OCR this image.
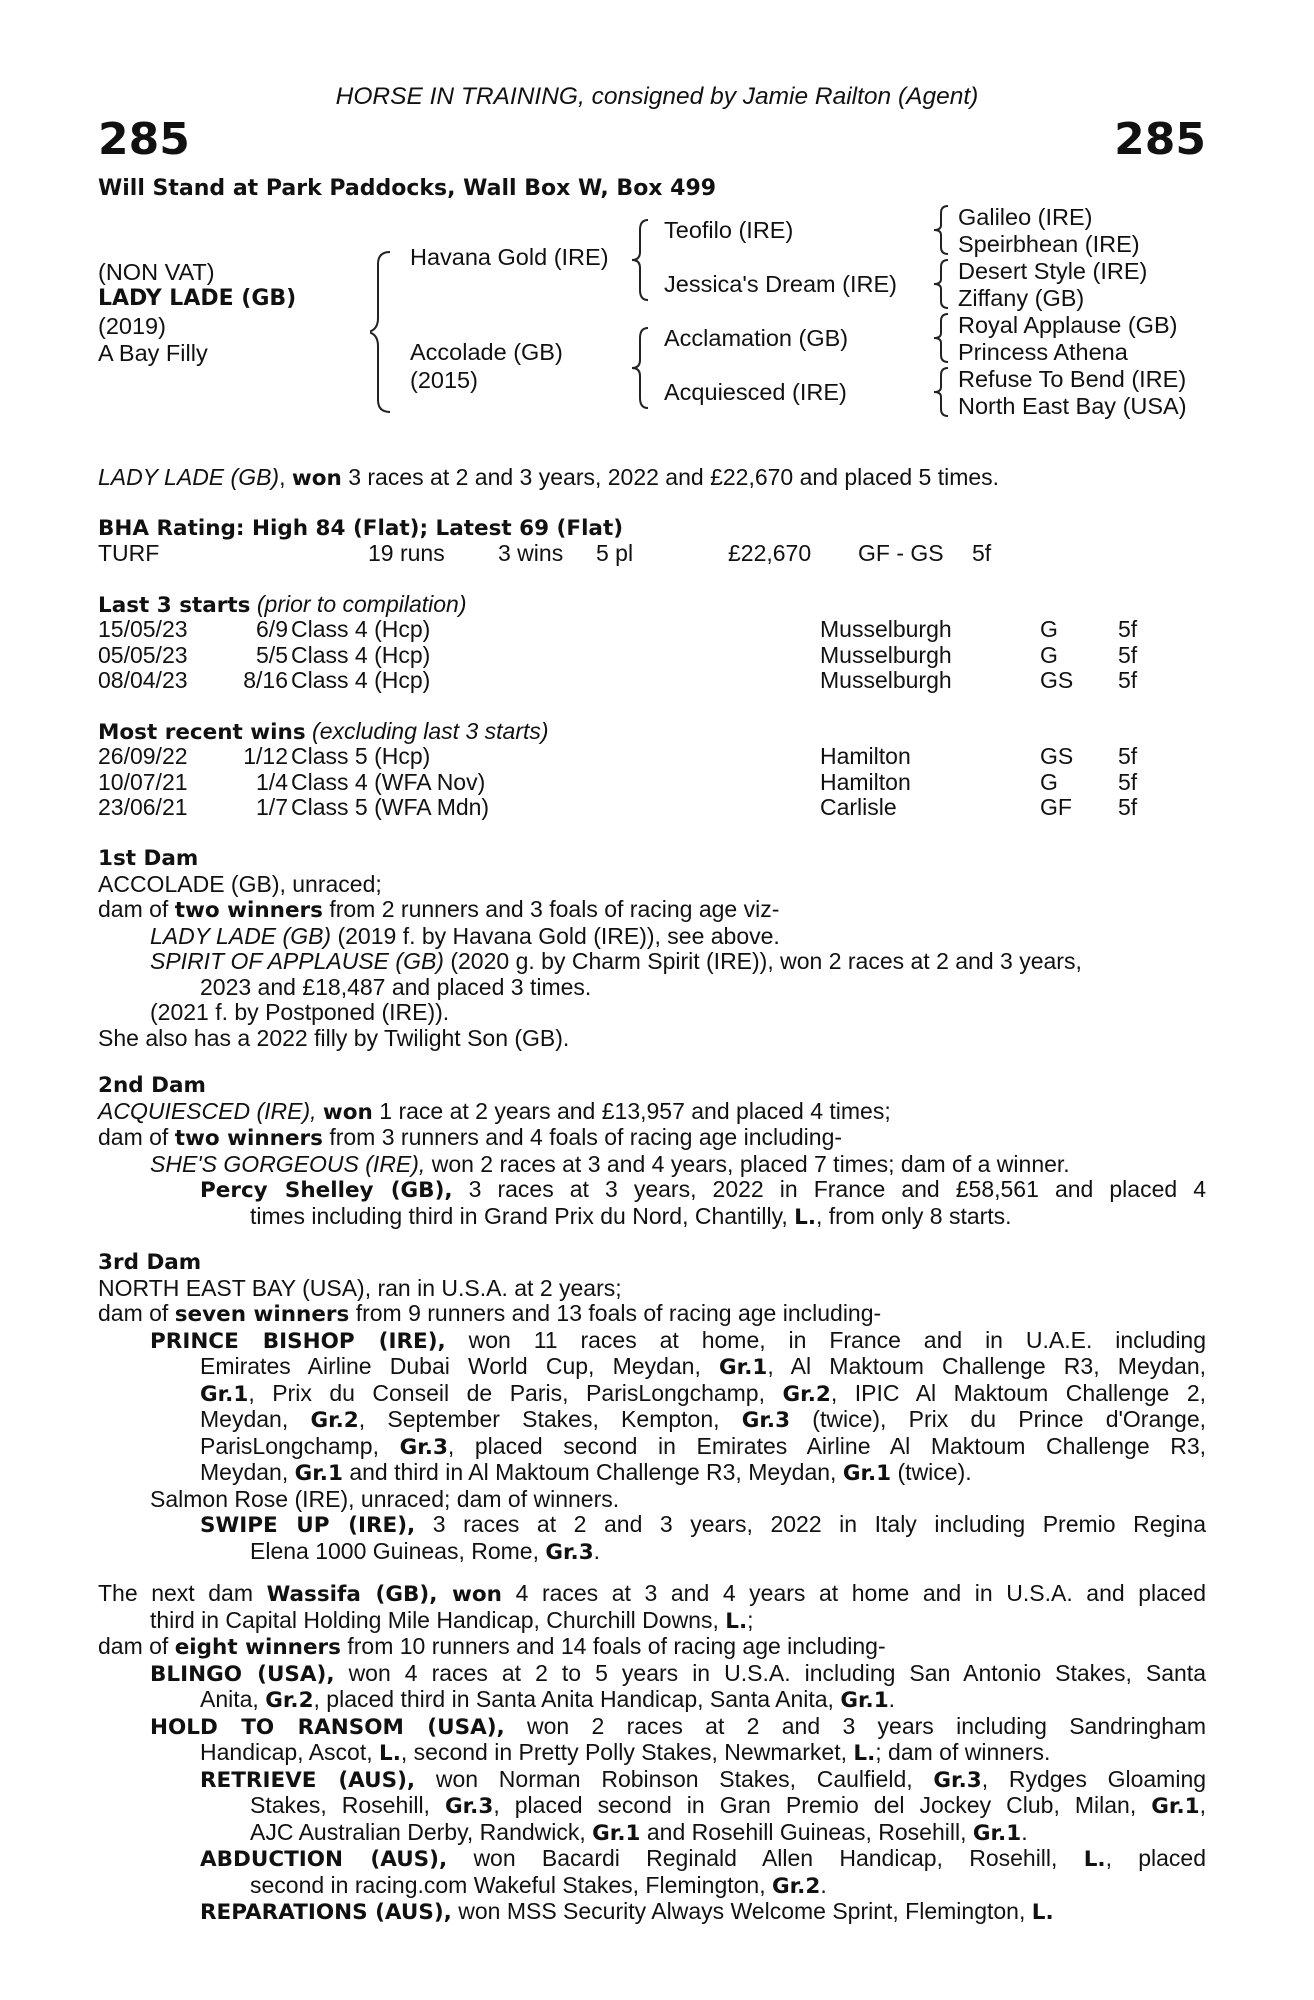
HORSE IN TRAINING, consigned by Jamie Railton (Agent)
285	285
Will Stand at Park Paddocks, Wall Box W, Box 499
(NON VAT)
LADY LADE (GB)
(2019)
A Bay Filly
Havana Gold (IRE)
Accolade (GB)
(2015)
Teofilo (IRE)
Jessica's Dream (IRE)
Acclamation (GB)
Acquiesced (IRE)
Galileo (IRE)
Speirbhean (IRE)
Desert Style (IRE)
Ziffany (GB)
Royal Applause (GB)
Princess Athena
Refuse To Bend (IRE)
North East Bay (USA)
LADY LADE (GB), won 3 races at 2 and 3 years, 2022 and £22,670 and placed 5 times.
BHA Rating: High 84 (Flat); Latest 69 (Flat)
TURF	19 runs 3 wins 5 pl	£22,670 GF - GS 5f
Last 3 starts (prior to compilation)
15/05/23	6/9 Class 4 (Hcp)	Musselburgh	G	5f
05/05/23	5/5 Class 4 (Hcp)	Musselburgh	G	5f
08/04/23 8/16 Class 4 (Hcp)	Musselburgh	GS 5f
Most recent wins (excluding last 3 starts)
26/09/22 1/12 Class 5 (Hcp)	Hamilton	GS 5f
10/07/21	1/4 Class 4 (WFA Nov)	Hamilton	G	5f
23/06/21	1/7 Class 5 (WFA Mdn)	Carlisle	GF 5f
1st Dam
ACCOLADE (GB), unraced;
dam of two winners from 2 runners and 3 foals of racing age viz-
LADY LADE (GB) (2019 f. by Havana Gold (IRE)), see above.
SPIRIT OF APPLAUSE (GB) (2020 g. by Charm Spirit (IRE)), won 2 races at 2 and 3 years,
2023 and £18,487 and placed 3 times.
(2021 f. by Postponed (IRE)).
She also has a 2022 filly by Twilight Son (GB).
2nd Dam
ACQUIESCED (IRE), won 1 race at 2 years and £13,957 and placed 4 times;
dam of two winners from 3 runners and 4 foals of racing age including-
SHE'S GORGEOUS (IRE), won 2 races at 3 and 4 years, placed 7 times; dam of a winner.
Percy Shelley (GB), 3 races at 3 years, 2022 in France and £58,561 and placed 4
times including third in Grand Prix du Nord, Chantilly, L., from only 8 starts.
3rd Dam
NORTH EAST BAY (USA), ran in U.S.A. at 2 years;
dam of seven winners from 9 runners and 13 foals of racing age including-
PRINCE BISHOP (IRE), won 11 races at home, in France and in U.A.E. including
Emirates Airline Dubai World Cup, Meydan, Gr.1, Al Maktoum Challenge R3, Meydan,
Gr.1, Prix du Conseil de Paris, ParisLongchamp, Gr.2, IPIC Al Maktoum Challenge 2,
Meydan, Gr.2, September Stakes, Kempton, Gr.3 (twice), Prix du Prince d'Orange,
ParisLongchamp, Gr.3, placed second in Emirates Airline Al Maktoum Challenge R3,
Meydan, Gr.1 and third in Al Maktoum Challenge R3, Meydan, Gr.1 (twice).
Salmon Rose (IRE), unraced; dam of winners.
SWIPE UP (IRE), 3 races at 2 and 3 years, 2022 in Italy including Premio Regina
Elena 1000 Guineas, Rome, Gr.3.
The next dam Wassifa (GB), won 4 races at 3 and 4 years at home and in U.S.A. and placed
third in Capital Holding Mile Handicap, Churchill Downs, L.;
dam of eight winners from 10 runners and 14 foals of racing age including-
BLINGO (USA), won 4 races at 2 to 5 years in U.S.A. including San Antonio Stakes, Santa
Anita, Gr.2, placed third in Santa Anita Handicap, Santa Anita, Gr.1.
HOLD TO RANSOM (USA), won 2 races at 2 and 3 years including Sandringham
Handicap, Ascot, L., second in Pretty Polly Stakes, Newmarket, L.; dam of winners.
RETRIEVE (AUS), won Norman Robinson Stakes, Caulfield, Gr.3, Rydges Gloaming
Stakes, Rosehill, Gr.3, placed second in Gran Premio del Jockey Club, Milan, Gr.1,
AJC Australian Derby, Randwick, Gr.1 and Rosehill Guineas, Rosehill, Gr.1.
ABDUCTION (AUS), won Bacardi Reginald Allen Handicap, Rosehill, L., placed
second in racing.com Wakeful Stakes, Flemington, Gr.2.
REPARATIONS (AUS), won MSS Security Always Welcome Sprint, Flemington, L.
